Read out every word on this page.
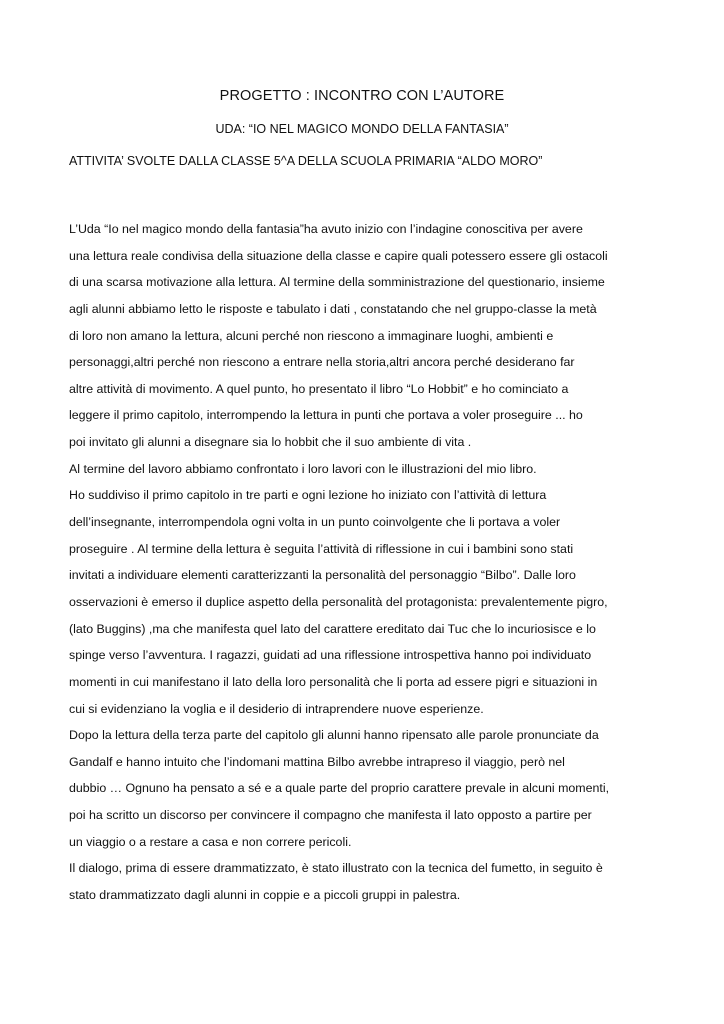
PROGETTO : INCONTRO CON L’AUTORE
UDA: “IO NEL MAGICO MONDO DELLA FANTASIA”
ATTIVITA’ SVOLTE DALLA CLASSE 5^A DELLA SCUOLA PRIMARIA “ALDO MORO”
L’Uda “Io nel magico mondo della fantasia”ha avuto inizio con l’indagine conoscitiva per avere
una lettura reale condivisa della situazione della classe e capire quali potessero essere gli ostacoli
di una scarsa motivazione alla lettura. Al termine della somministrazione del questionario, insieme
agli alunni abbiamo letto le risposte e tabulato i dati , constatando che nel gruppo-classe la metà
di loro non amano la lettura, alcuni perché non riescono a immaginare luoghi, ambienti e
personaggi,altri perché non riescono a entrare nella storia,altri ancora perché desiderano far
altre attività di movimento. A quel punto, ho presentato il libro “Lo Hobbit” e ho cominciato a
leggere il primo capitolo, interrompendo la lettura in punti che portava a voler proseguire ... ho
poi invitato gli alunni a disegnare sia lo hobbit che il suo ambiente di vita .
Al termine del lavoro abbiamo confrontato i loro lavori con le illustrazioni del mio libro.
Ho suddiviso il primo capitolo in tre parti e ogni lezione ho iniziato con l’attività di lettura
dell’insegnante, interrompendola ogni volta in un punto coinvolgente che li portava a voler
proseguire . Al termine della lettura è seguita l’attività di riflessione in cui i bambini sono stati
invitati a individuare elementi caratterizzanti la personalità del personaggio “Bilbo”. Dalle loro
osservazioni è emerso il duplice aspetto della personalità del protagonista: prevalentemente pigro,
(lato Buggins) ,ma che manifesta quel lato del carattere ereditato dai Tuc che lo incuriosisce e lo
spinge verso l’avventura. I ragazzi, guidati ad una riflessione introspettiva hanno poi individuato
momenti in cui manifestano il lato della loro personalità che li porta ad essere pigri e situazioni in
cui si evidenziano la voglia e il desiderio di intraprendere nuove esperienze.
Dopo la lettura della terza parte del capitolo gli alunni hanno ripensato alle parole pronunciate da
Gandalf e hanno intuito che l’indomani mattina Bilbo avrebbe intrapreso il viaggio, però nel
dubbio … Ognuno ha pensato a sé e a quale parte del proprio carattere prevale in alcuni momenti,
poi ha scritto un discorso per convincere il compagno che manifesta il lato opposto a partire per
un viaggio o a restare a casa e non correre pericoli.
Il dialogo, prima di essere drammatizzato, è stato illustrato con la tecnica del fumetto, in seguito è
stato drammatizzato dagli alunni in coppie e a piccoli gruppi in palestra.
